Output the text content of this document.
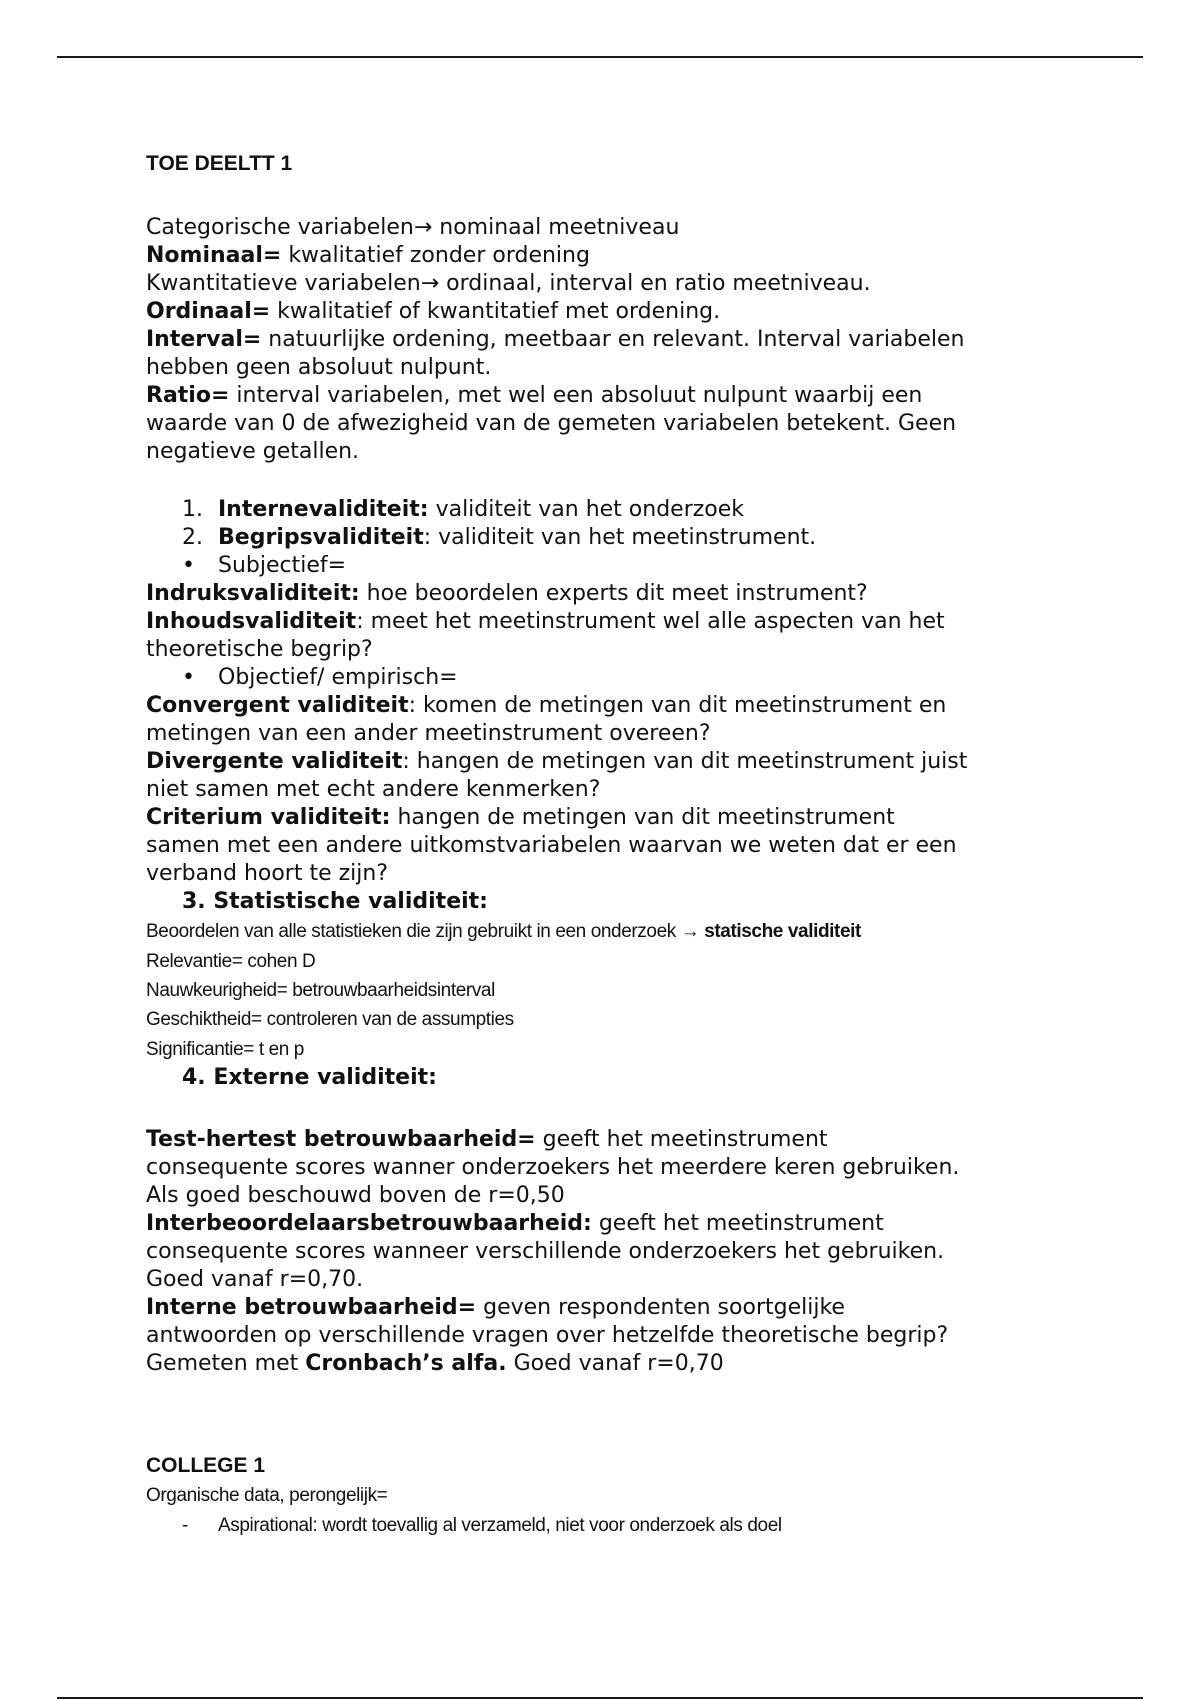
TOE DEELTT 1
Categorische variabelen→ nominaal meetniveau
Nominaal= kwalitatief zonder ordening
Kwantitatieve variabelen→ ordinaal, interval en ratio meetniveau.
Ordinaal= kwalitatief of kwantitatief met ordening.
Interval= natuurlijke ordening, meetbaar en relevant. Interval variabelen
hebben geen absoluut nulpunt.
Ratio= interval variabelen, met wel een absoluut nulpunt waarbij een
waarde van 0 de afwezigheid van de gemeten variabelen betekent. Geen
negatieve getallen.
1. Internevaliditeit: validiteit van het onderzoek
2. Begripsvaliditeit: validiteit van het meetinstrument.
• Subjectief=
Indruksvaliditeit: hoe beoordelen experts dit meet instrument?
Inhoudsvaliditeit: meet het meetinstrument wel alle aspecten van het
theoretische begrip?
• Objectief/ empirisch=
Convergent validiteit: komen de metingen van dit meetinstrument en
metingen van een ander meetinstrument overeen?
Divergente validiteit: hangen de metingen van dit meetinstrument juist
niet samen met echt andere kenmerken?
Criterium validiteit: hangen de metingen van dit meetinstrument
samen met een andere uitkomstvariabelen waarvan we weten dat er een
verband hoort te zijn?
3. Statistische validiteit:
Beoordelen van alle statistieken die zijn gebruikt in een onderzoek → statische validiteit
Relevantie= cohen D
Nauwkeurigheid= betrouwbaarheidsinterval
Geschiktheid= controleren van de assumpties
Significantie= t en p
4. Externe validiteit:
Test-hertest betrouwbaarheid= geeft het meetinstrument
consequente scores wanner onderzoekers het meerdere keren gebruiken.
Als goed beschouwd boven de r=0,50
Interbeoordelaarsbetrouwbaarheid: geeft het meetinstrument
consequente scores wanneer verschillende onderzoekers het gebruiken.
Goed vanaf r=0,70.
Interne betrouwbaarheid= geven respondenten soortgelijke
antwoorden op verschillende vragen over hetzelfde theoretische begrip?
Gemeten met Cronbach’s alfa. Goed vanaf r=0,70
COLLEGE 1
Organische data, perongelijk=
- Aspirational: wordt toevallig al verzameld, niet voor onderzoek als doel
